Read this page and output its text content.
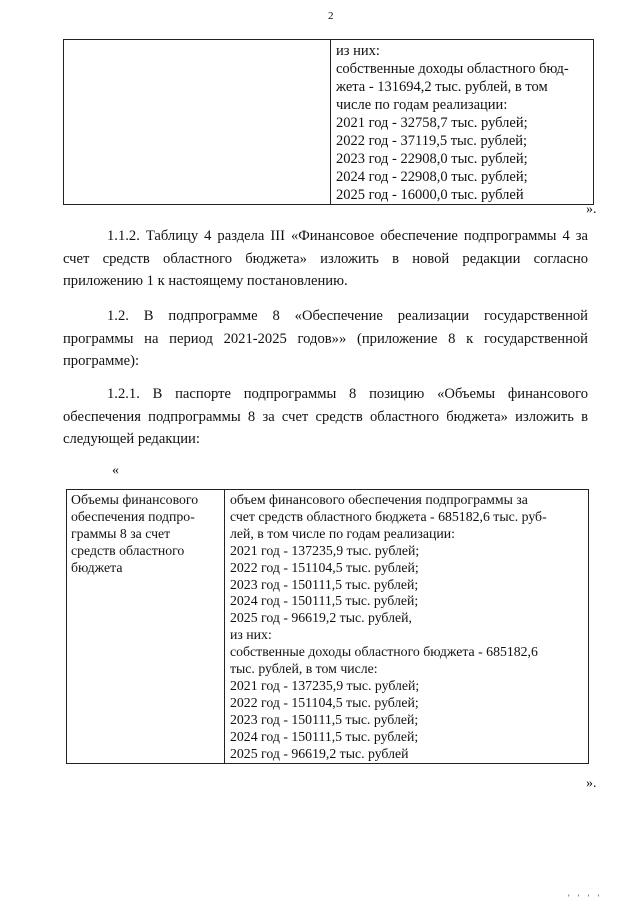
2

из них:
собственные доходы областного бюд-
жета - 131694,2 тыс. рублей, в том
числе по годам реализации:
2021 год - 32758,7 тыс. рублей;
2022 год - 37119,5 тыс. рублей;
2023 год - 22908,0 тыс. рублей;
2024 год - 22908,0 тыс. рублей;
2025 год - 16000,0 тыс. рублей
».
1.1.2. Таблицу 4 раздела III «Финансовое обеспечение подпрограммы 4 за счет средств областного бюджета» изложить в новой редакции согласно приложению 1 к настоящему постановлению.
1.2. В подпрограмме 8 «Обеспечение реализации государственной программы на период 2021-2025 годов»» (приложение 8 к государственной программе):
1.2.1. В паспорте подпрограммы 8 позицию «Объемы финансового обеспечения подпрограммы 8 за счет средств областного бюджета» изложить в следующей редакции:
«
Объемы финансового
обеспечения подпро-
граммы 8 за счет
средств областного
бюджета

объем финансового обеспечения подпрограммы за
счет средств областного бюджета - 685182,6 тыс. руб-
лей, в том числе по годам реализации:
2021 год - 137235,9 тыс. рублей;
2022 год - 151104,5 тыс. рублей;
2023 год - 150111,5 тыс. рублей;
2024 год - 150111,5 тыс. рублей;
2025 год - 96619,2 тыс. рублей,
из них:
собственные доходы областного бюджета - 685182,6
тыс. рублей, в том числе:
2021 год - 137235,9 тыс. рублей;
2022 год - 151104,5 тыс. рублей;
2023 год - 150111,5 тыс. рублей;
2024 год - 150111,5 тыс. рублей;
2025 год - 96619,2 тыс. рублей
».
' ' ' '
